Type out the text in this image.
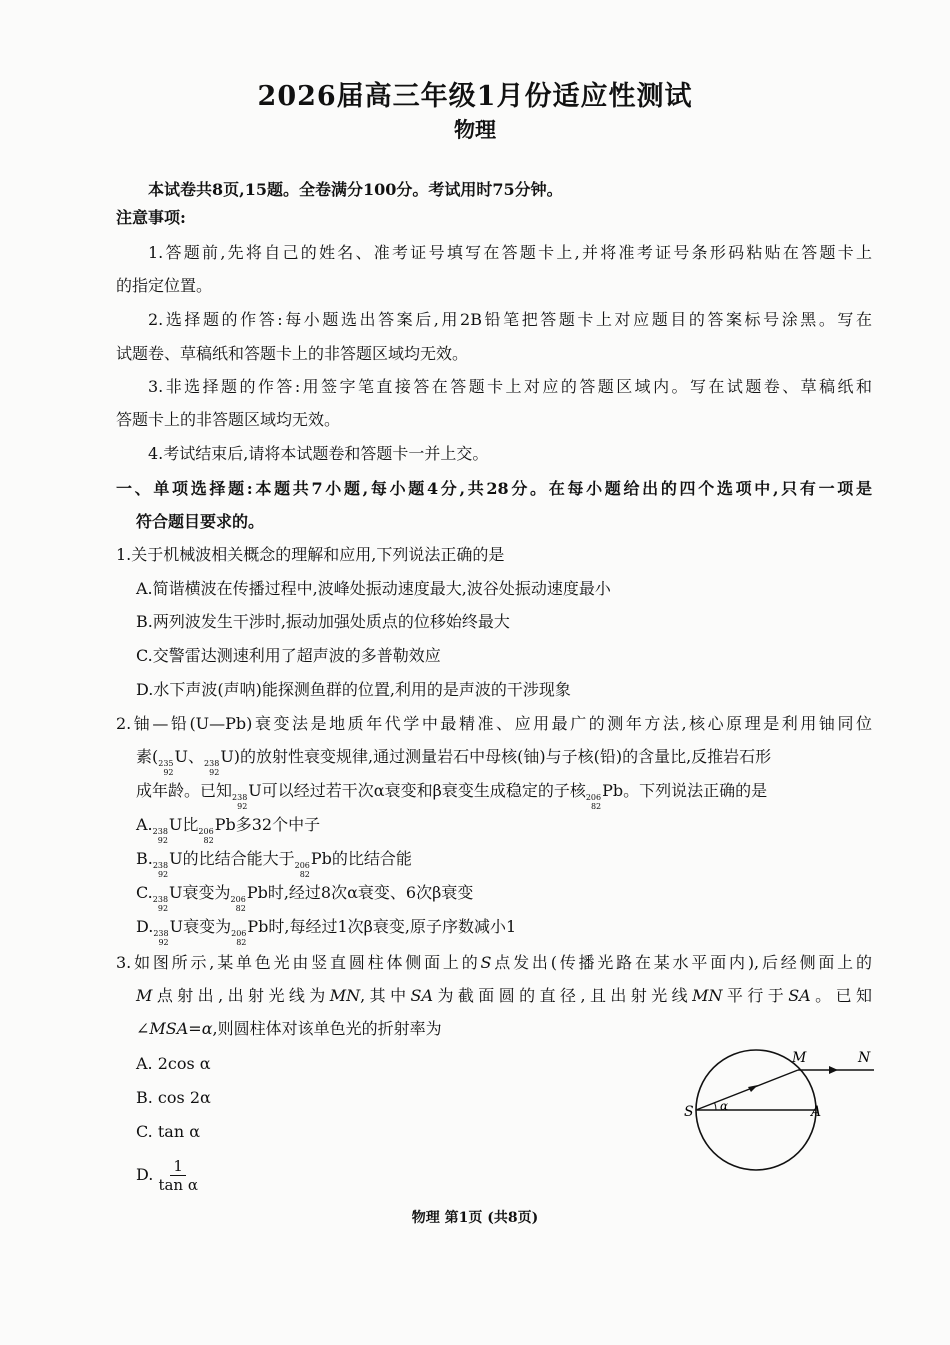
2026届高三年级1月份适应性测试
物理
本试卷共8页,15题。全卷满分100分。考试用时75分钟。
注意事项:
1.答题前,先将自己的姓名、准考证号填写在答题卡上,并将准考证号条形码粘贴在答题卡上
的指定位置。
2.选择题的作答:每小题选出答案后,用2B铅笔把答题卡上对应题目的答案标号涂黑。写在
试题卷、草稿纸和答题卡上的非答题区域均无效。
3.非选择题的作答:用签字笔直接答在答题卡上对应的答题区域内。写在试题卷、草稿纸和
答题卡上的非答题区域均无效。
4.考试结束后,请将本试题卷和答题卡一并上交。
一、单项选择题:本题共7小题,每小题4分,共28分。在每小题给出的四个选项中,只有一项是
符合题目要求的。
1.关于机械波相关概念的理解和应用,下列说法正确的是
A.简谐横波在传播过程中,波峰处振动速度最大,波谷处振动速度最小
B.两列波发生干涉时,振动加强处质点的位移始终最大
C.交警雷达测速利用了超声波的多普勒效应
D.水下声波(声呐)能探测鱼群的位置,利用的是声波的干涉现象
2.铀—铅(U—Pb)衰变法是地质年代学中最精准、应用最广的测年方法,核心原理是利用铀同位
素( 235
92
U、 238
92
U)的放射性衰变规律,通过测量岩石中母核(铀)与子核(铅)的含量比,反推岩石形
成年龄。已知 238
92
U可以经过若干次α衰变和β衰变生成稳定的子核 206
82
Pb。下列说法正确的是
A. 238
92
U比 206
82
Pb多32个中子
B. 238
92
U的比结合能大于 206
82
Pb的比结合能
C. 238
92
U衰变为 206
82
Pb时,经过8次α衰变、6次β衰变
D. 238
92
U衰变为 206
82
Pb时,每经过1次β衰变,原子序数减小1
3.如图所示,某单色光由竖直圆柱体侧面上的S点发出(传播光路在某水平面内),后经侧面上的
M点射出,出射光线为MN,其中SA为截面圆的直径,且出射光线MN平行于SA。已知
∠MSA=α,则圆柱体对该单色光的折射率为
A. 2cos α
B. cos 2α
C. tan α
D. $\frac{1}{\text{tan α}}$
S	A
M	N
α
物理 第1页 (共8页)
